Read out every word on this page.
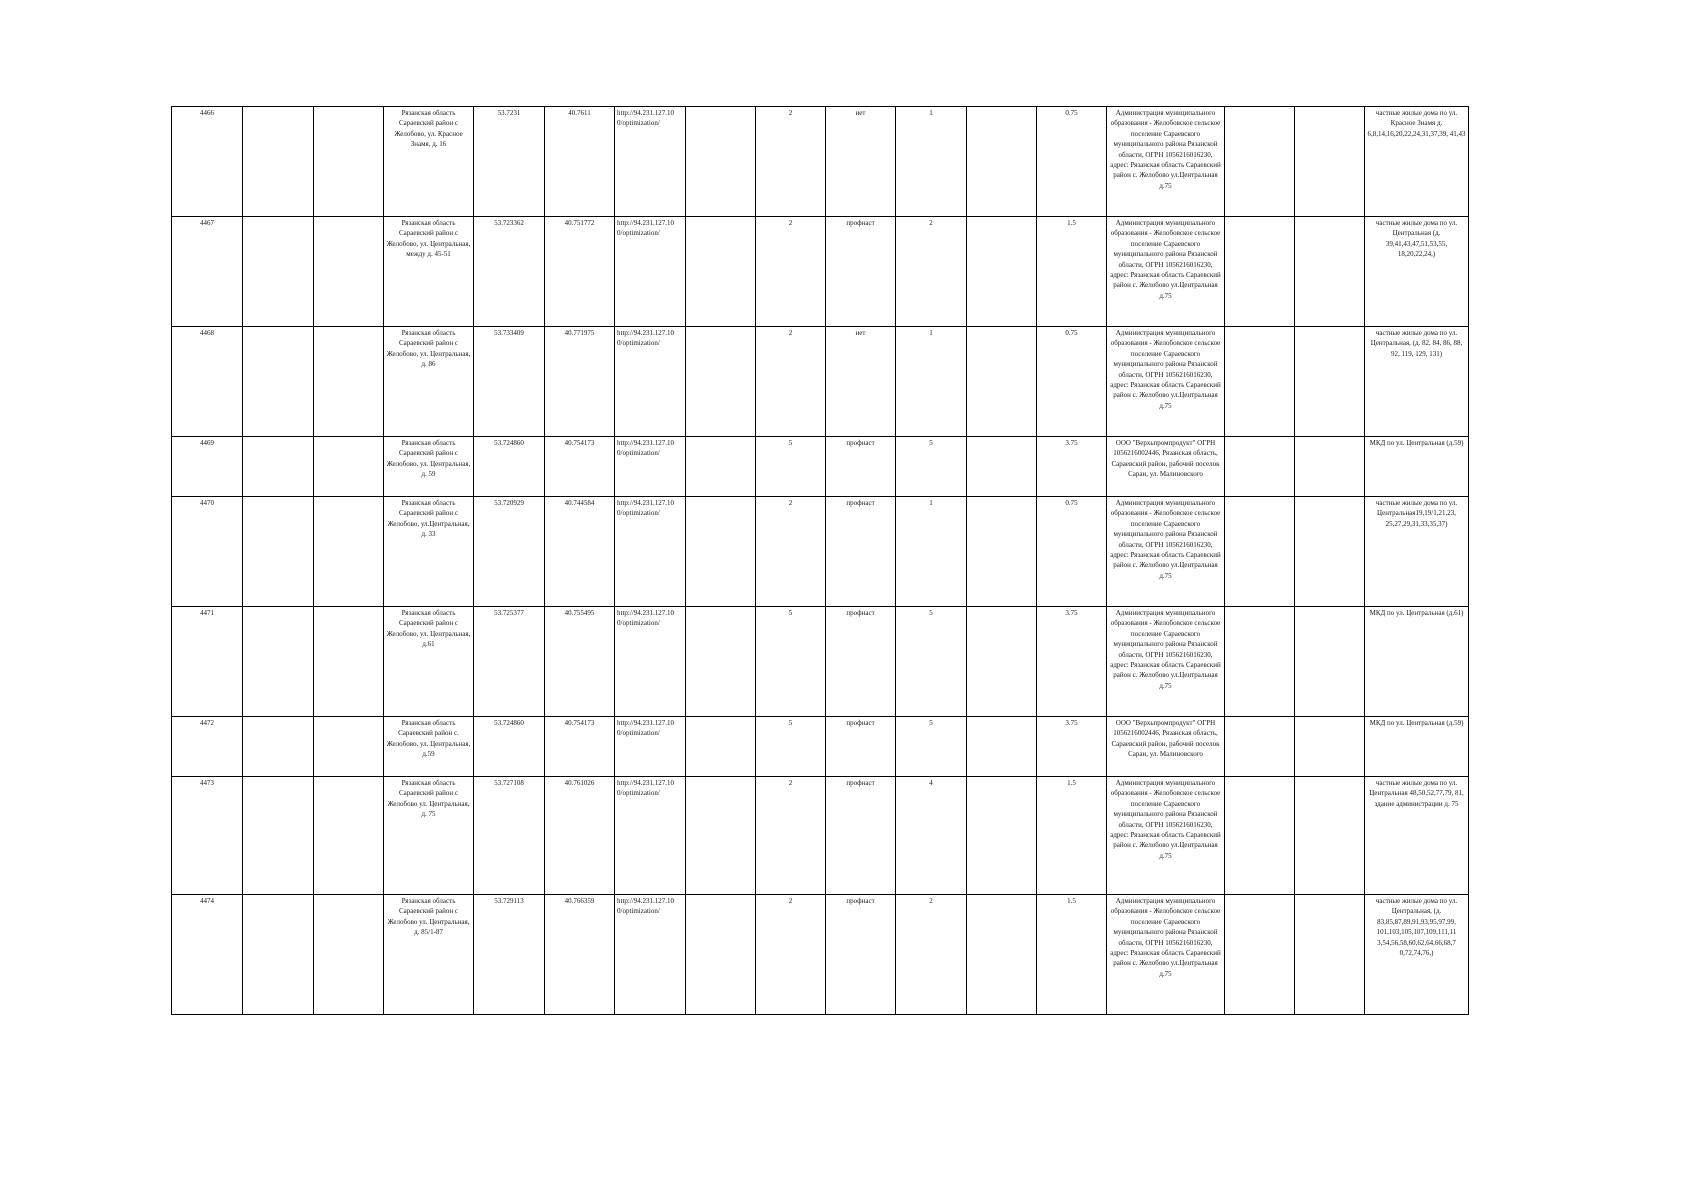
4466			Рязанская область Сараевский район с Желобово, ул. Красное Знамя, д. 16	53.7231	40.7611	http://94.231.127.10 0/optimization/		2	нет	1		0.75	Администрация муниципального образования - Желобовское сельское поселение Сараевского муниципального района Рязанской области, ОГРН 1056216016230, адрес: Рязанская область Сараевский район с. Желобово ул.Центральная д.75			частные жилые дома по ул. Красное Знамя д. 6,8,14,16,20,22,24,31,37,39, 41,43
4467			Рязанская область Сараевский район с Желобово, ул. Центральная, между д. 45-51	53.723362	40.751772	http://94.231.127.10 0/optimization/		2	профнаст	2		1.5	Администрация муниципального образования - Желобовское сельское поселение Сараевского муниципального района Рязанской области, ОГРН 1056216016230, адрес: Рязанская область Сараевский район с. Желобово ул.Центральная д.75			частные жилые дома по ул. Центральная (д. 39,41,43,47,51,53,55, 18,20,22,24,)
4468			Рязанская область Сараевский район с Желобово, ул. Центральная, д. 86	53.733409	40.771975	http://94.231.127.10 0/optimization/		2	нет	1		0.75	Администрация муниципального образования - Желобовское сельское поселение Сараевского муниципального района Рязанской области, ОГРН 1056216016230, адрес: Рязанская область Сараевский район с. Желобово ул.Центральная д.75			частные жилые дома по ул. Центральная, (д. 82, 84, 86, 88, 92, 119, 129, 131)
4469			Рязанская область Сараевский район с Желобово, ул. Центральная, д. 59	53.724860	40.754173	http://94.231.127.10 0/optimization/		5	профнаст	5		3.75	ООО "Верхьпромпродукт" ОГРН 1056216002446, Рязанская область, Сараевский район, рабочий поселок Сараи, ул. Малиновского			МКД по ул. Центральная (д.59)
4470			Рязанская область Сараевский район с Желобово, ул.Центральная, д. 33	53.720929	40.744584	http://94.231.127.10 0/optimization/		2	профнаст	1		0.75	Администрация муниципального образования - Желобовское сельское поселение Сараевского муниципального района Рязанской области, ОГРН 1056216016230, адрес: Рязанская область Сараевский район с. Желобово ул.Центральная д.75			частные жилые дома по ул. Центральная19,19/1,21,23, 25,27,29,31,33,35,37)
4471			Рязанская область Сараевский район с Желобово, ул. Центральная, д.61	53.725377	40.755495	http://94.231.127.10 0/optimization/		5	профнаст	5		3.75	Администрация муниципального образования - Желобовское сельское поселение Сараевского муниципального района Рязанской области, ОГРН 1056216016230, адрес: Рязанская область Сараевский район с. Желобово ул.Центральная д.75			МКД по ул. Центральная (д.61)
4472			Рязанская область Сараевский район с. Желобово, ул. Центральная, д.59	53.724860	40.754173	http://94.231.127.10 0/optimization/		5	профнаст	5		3.75	ООО "Верхьпромпродукт" ОГРН 1056216002446, Рязанская область, Сараевский район, рабочий поселок Сараи, ул. Малиновского			МКД по ул. Центральная (д.59)
4473			Рязанская область Сараевский район с Желобово ул. Центральная, д. 75	53.727108	40.761026	http://94.231.127.10 0/optimization/		2	профнаст	4		1.5	Администрация муниципального образования - Желобовское сельское поселение Сараевского муниципального района Рязанской области, ОГРН 1056216016230, адрес: Рязанская область Сараевский район с. Желобово ул.Центральная д.75			частные жилые дома по ул. Центральная 48,50,52,77,79, 81, здание администрации д. 75
4474			Рязанская область Сараевский район с Желобово ул. Центральная, д. 85/1-87	53.729113	40.766359	http://94.231.127.10 0/optimization/		2	профнаст	2		1.5	Администрация муниципального образования - Желобовское сельское поселение Сараевского муниципального района Рязанской области, ОГРН 1056216016230, адрес: Рязанская область Сараевский район с. Желобово ул.Центральная д.75			частные жилые дома по ул. Центральная, (д. 83,85,87,89,91,93,95,97,99, 101,103,105,107,109,111,11 3,54,56,58,60,62,64,66,68,7 0,72,74,76,)
